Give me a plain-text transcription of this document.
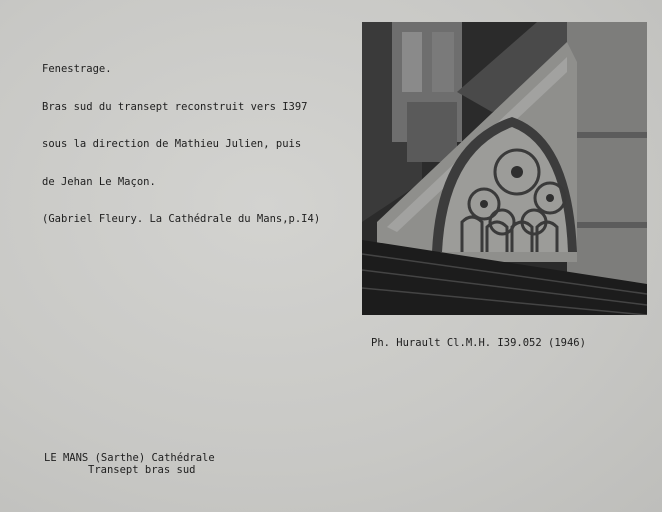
Fenestrage.

Bras sud du transept reconstruit vers I397

sous la direction de Mathieu Julien, puis

de Jehan Le Maçon.

(Gabriel Fleury. La Cathédrale du Mans,p.I4)

Ph. Hurault Cl.M.H. I39.052 (1946)
LE MANS (Sarthe) Cathédrale
Transept bras sud
